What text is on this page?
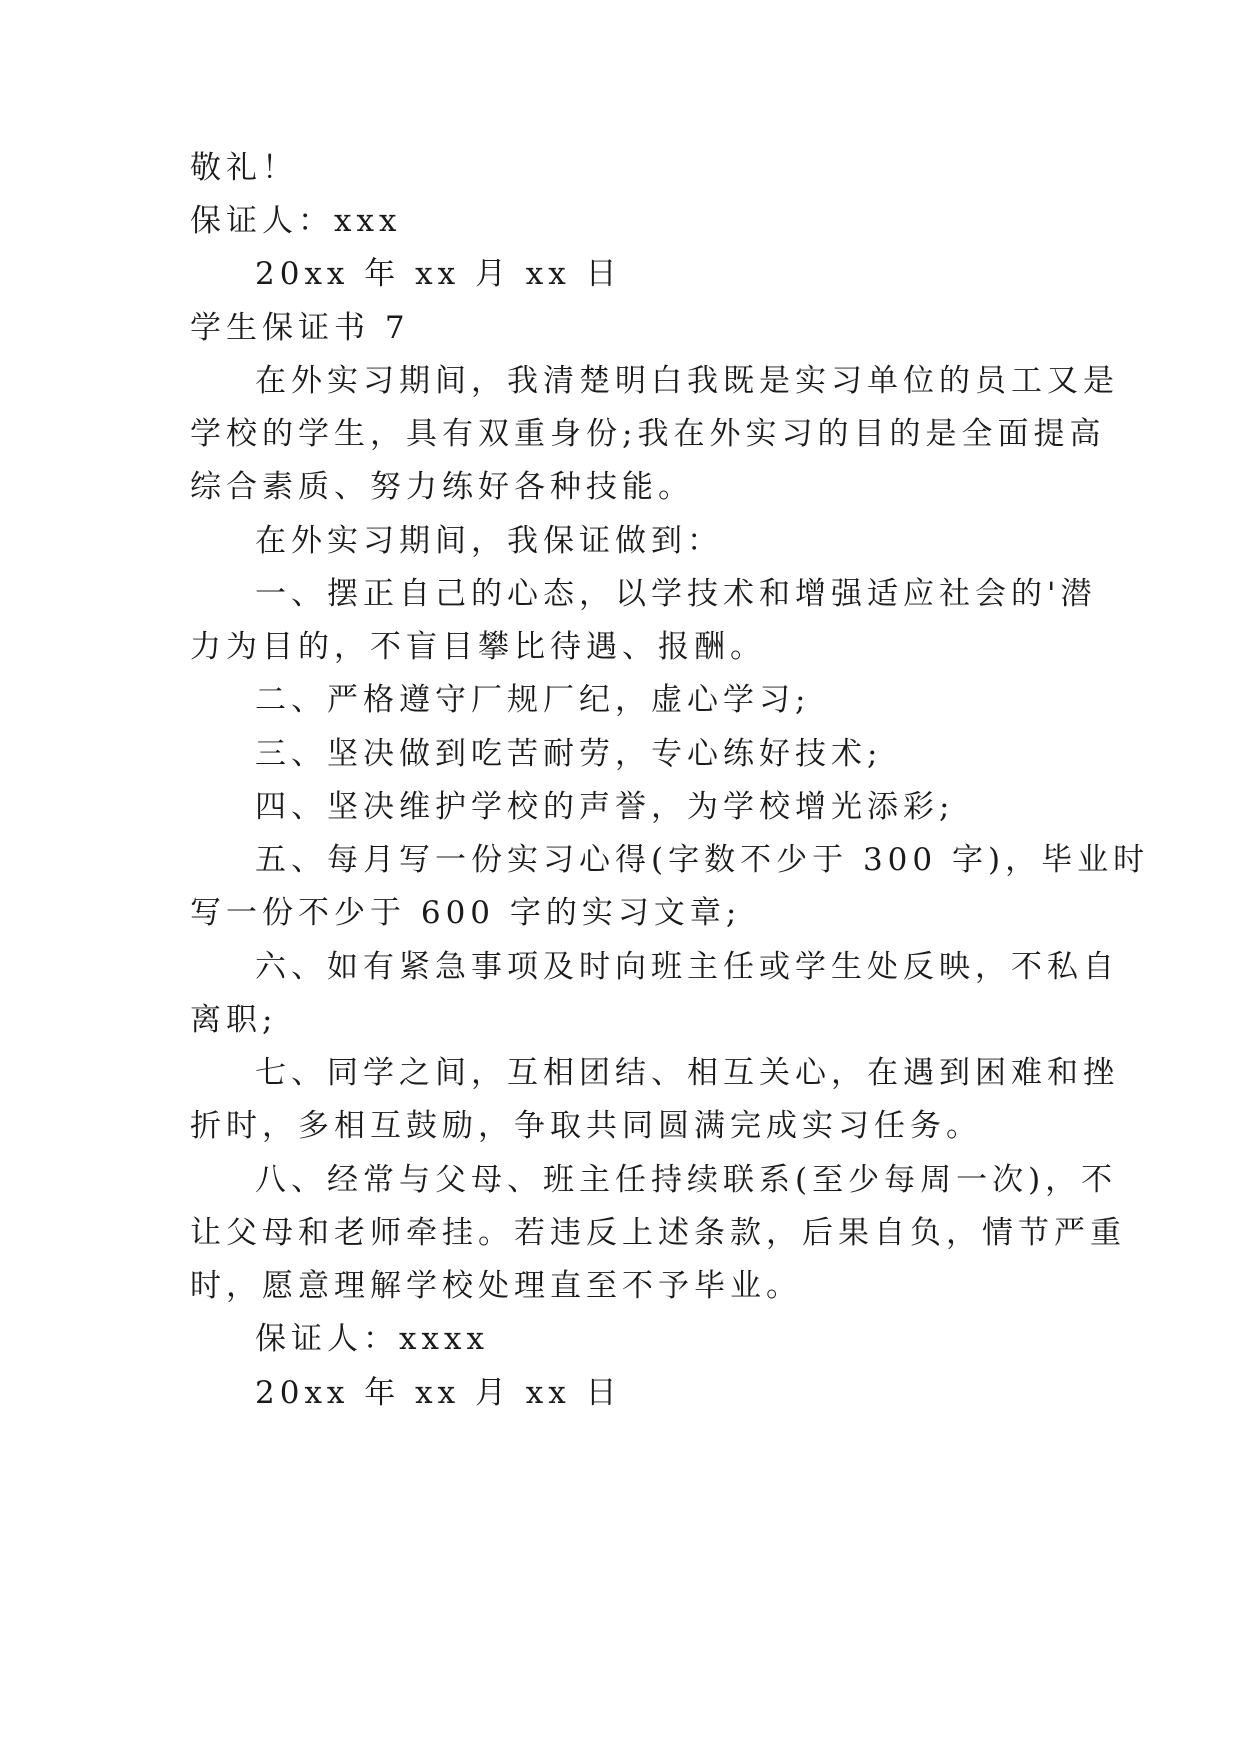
敬礼！
保证人：xxx
20xx 年 xx 月 xx 日
学生保证书 7
在外实习期间，我清楚明白我既是实习单位的员工又是
学校的学生，具有双重身份;我在外实习的目的是全面提高
综合素质、努力练好各种技能。
在外实习期间，我保证做到：
一、摆正自己的心态，以学技术和增强适应社会的'潜
力为目的，不盲目攀比待遇、报酬。
二、严格遵守厂规厂纪，虚心学习;
三、坚决做到吃苦耐劳，专心练好技术;
四、坚决维护学校的声誉，为学校增光添彩;
五、每月写一份实习心得(字数不少于 300 字)，毕业时
写一份不少于 600 字的实习文章;
六、如有紧急事项及时向班主任或学生处反映，不私自
离职;
七、同学之间，互相团结、相互关心，在遇到困难和挫
折时，多相互鼓励，争取共同圆满完成实习任务。
八、经常与父母、班主任持续联系(至少每周一次)，不
让父母和老师牵挂。若违反上述条款，后果自负，情节严重
时，愿意理解学校处理直至不予毕业。
保证人：xxxx
20xx 年 xx 月 xx 日
